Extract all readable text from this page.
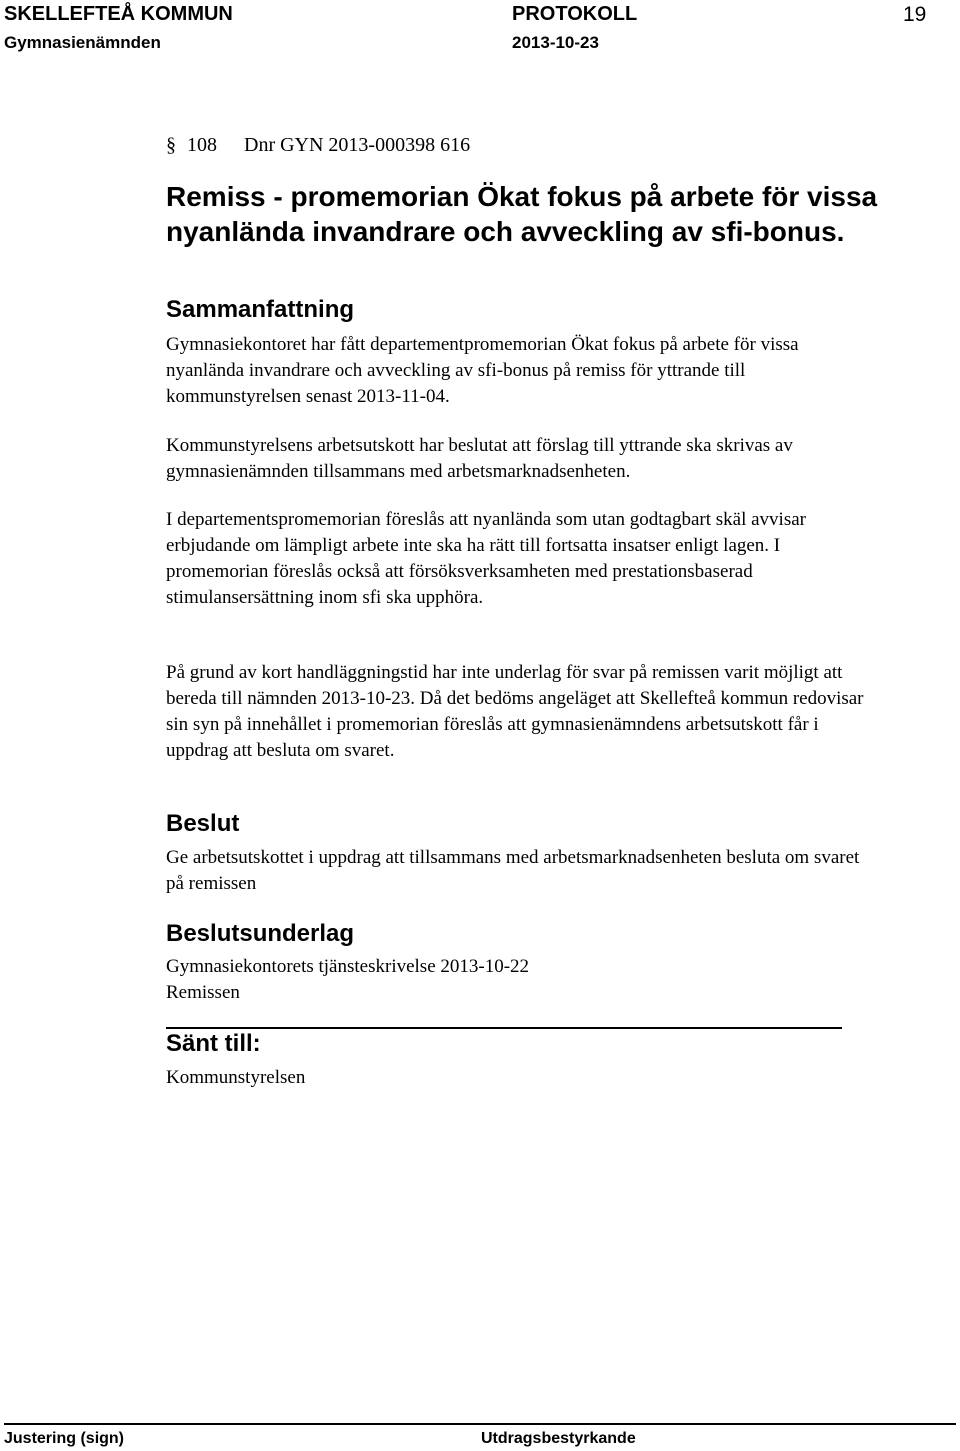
SKELLEFTEÅ KOMMUN	PROTOKOLL	19
Gymnasienämnden	2013-10-23
§ 108 Dnr GYN 2013-000398 616
Remiss - promemorian Ökat fokus på arbete för vissa nyanlända invandrare och avveckling av sfi-bonus.
Sammanfattning

Gymnasiekontoret har fått departementpromemorian Ökat fokus på arbete för vissa nyanlända invandrare och avveckling av sfi-bonus på remiss för yttrande till kommunstyrelsen senast 2013-11-04.

Kommunstyrelsens arbetsutskott har beslutat att förslag till yttrande ska skrivas av gymnasienämnden tillsammans med arbetsmarknadsenheten.

I departementspromemorian föreslås att nyanlända som utan godtagbart skäl avvisar erbjudande om lämpligt arbete inte ska ha rätt till fortsatta insatser enligt lagen. I promemorian föreslås också att försöksverksamheten med prestationsbaserad stimulansersättning inom sfi ska upphöra.

På grund av kort handläggningstid har inte underlag för svar på remissen varit möjligt att bereda till nämnden 2013-10-23. Då det bedöms angeläget att Skellefteå kommun redovisar sin syn på innehållet i promemorian föreslås att gymnasienämndens arbetsutskott får i uppdrag att besluta om svaret.

Beslut

Ge arbetsutskottet i uppdrag att tillsammans med arbetsmarknadsenheten besluta om svaret på remissen

Beslutsunderlag

Gymnasiekontorets tjänsteskrivelse 2013-10-22

Remissen

Sänt till:

Kommunstyrelsen

Justering (sign)	Utdragsbestyrkande
